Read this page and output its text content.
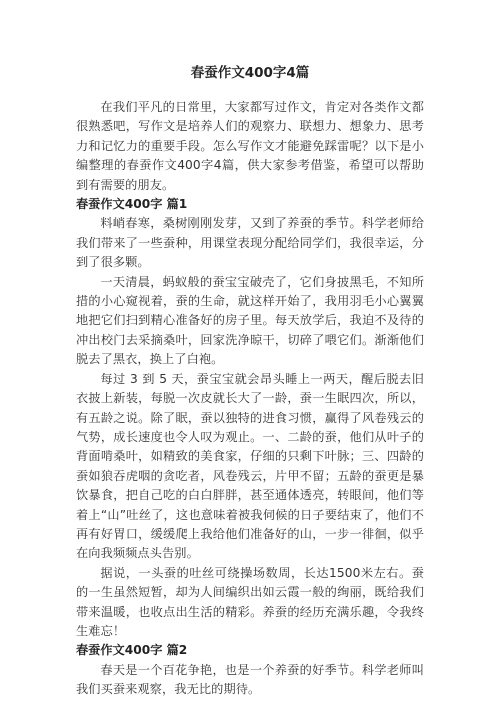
春蚕作文400字4篇

在我们平凡的日常里，大家都写过作文，肯定对各类作文都很熟悉吧，写作文是培养人们的观察力、联想力、想象力、思考力和记忆力的重要手段。怎么写作文才能避免踩雷呢？以下是小编整理的春蚕作文400字4篇，供大家参考借鉴，希望可以帮助到有需要的朋友。

春蚕作文400字 篇1

料峭春寒，桑树刚刚发芽，又到了养蚕的季节。科学老师给我们带来了一些蚕种，用课堂表现分配给同学们，我很幸运，分到了很多颗。

一天清晨，蚂蚁般的蚕宝宝破壳了，它们身披黑毛，不知所措的小心窥视着，蚕的生命，就这样开始了，我用羽毛小心翼翼地把它们扫到精心准备好的房子里。每天放学后，我迫不及待的冲出校门去采摘桑叶，回家洗净晾干，切碎了喂它们。渐渐他们脱去了黑衣，换上了白袍。

每过 3 到 5 天，蚕宝宝就会昂头睡上一两天，醒后脱去旧衣披上新装，每脱一次皮就长大了一龄，蚕一生眠四次，所以，有五龄之说。除了眠，蚕以独特的进食习惯，赢得了风卷残云的气势，成长速度也令人叹为观止。一、二龄的蚕，他们从叶子的背面啃桑叶，如精致的美食家，仔细的只剩下叶脉；三、四龄的蚕如狼吞虎咽的贪吃者，风卷残云，片甲不留；五龄的蚕更是暴饮暴食，把自己吃的白白胖胖，甚至通体透亮，转眼间，他们等着上“山”吐丝了，这也意味着被我伺候的日子要结束了，他们不再有好胃口，缓缓爬上我给他们准备好的山，一步一徘徊，似乎在向我频频点头告别。

据说，一头蚕的吐丝可绕操场数周，长达1500米左右。蚕的一生虽然短暂，却为人间编织出如云霞一般的绚丽，既给我们带来温暖，也收点出生活的精彩。养蚕的经历充满乐趣，令我终生难忘！

春蚕作文400字 篇2

春天是一个百花争艳，也是一个养蚕的好季节。科学老师叫我们买蚕来观察，我无比的期待。
